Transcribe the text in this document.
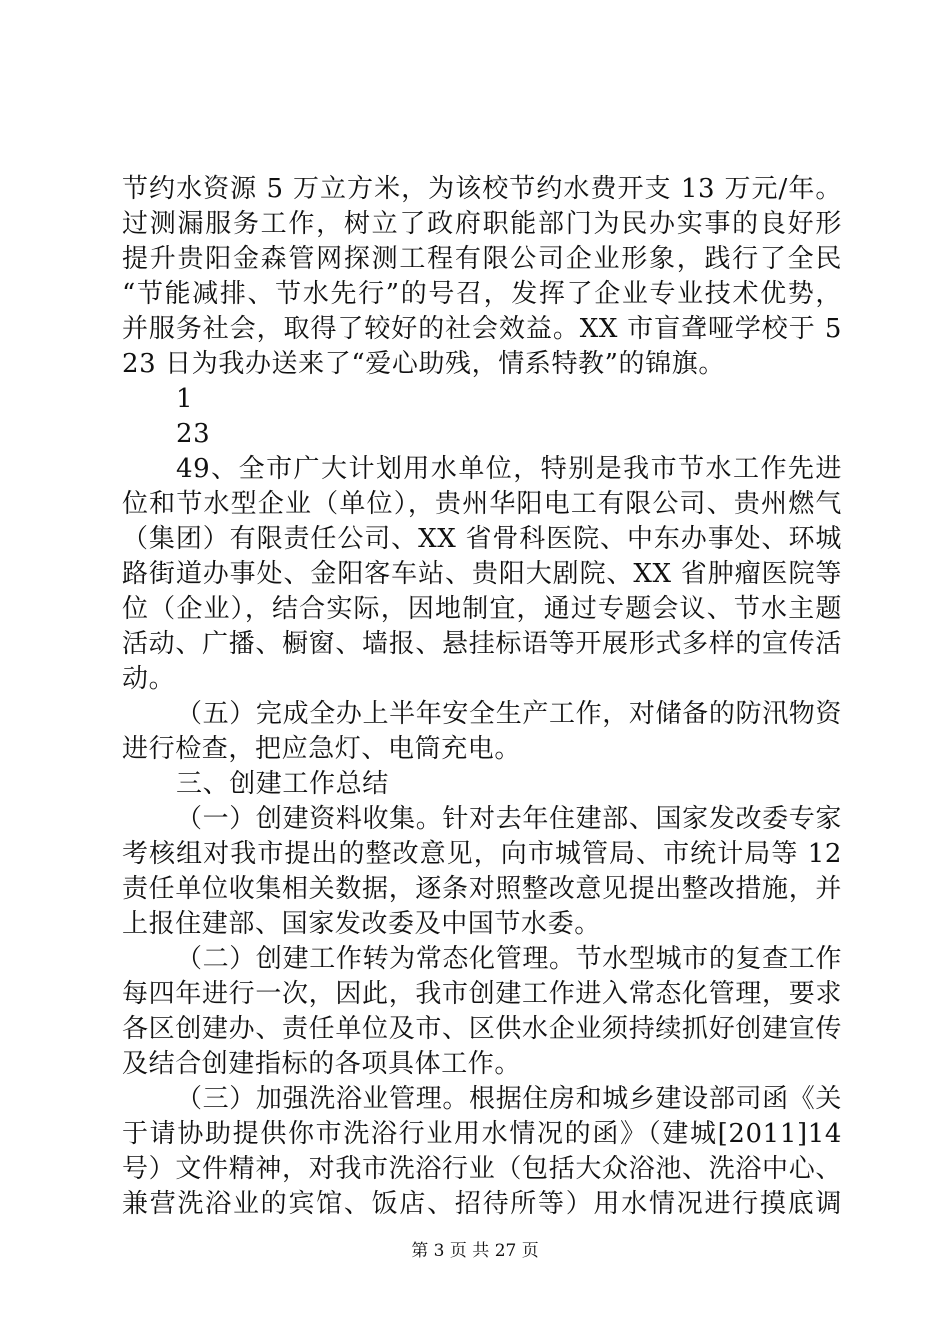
节约水资源 5 万立方米，为该校节约水费开支 13 万元/年。
过测漏服务工作，树立了政府职能部门为民办实事的良好形
提升贵阳金森管网探测工程有限公司企业形象，践行了全民
“节能减排、节水先行”的号召，发挥了企业专业技术优势，
并服务社会，取得了较好的社会效益。XX 市盲聋哑学校于 5
23 日为我办送来了“爱心助残，情系特教”的锦旗。
1
23
49、全市广大计划用水单位，特别是我市节水工作先进
位和节水型企业（单位），贵州华阳电工有限公司、贵州燃气
（集团）有限责任公司、XX 省骨科医院、中东办事处、环城
路街道办事处、金阳客车站、贵阳大剧院、XX 省肿瘤医院等
位（企业），结合实际，因地制宜，通过专题会议、节水主题
活动、广播、橱窗、墙报、悬挂标语等开展形式多样的宣传活
动。
（五）完成全办上半年安全生产工作，对储备的防汛物资
进行检查，把应急灯、电筒充电。
三、创建工作总结
（一）创建资料收集。针对去年住建部、国家发改委专家
考核组对我市提出的整改意见，向市城管局、市统计局等 12
责任单位收集相关数据，逐条对照整改意见提出整改措施，并
上报住建部、国家发改委及中国节水委。
（二）创建工作转为常态化管理。节水型城市的复查工作
每四年进行一次，因此，我市创建工作进入常态化管理，要求
各区创建办、责任单位及市、区供水企业须持续抓好创建宣传
及结合创建指标的各项具体工作。
（三）加强洗浴业管理。根据住房和城乡建设部司函《关
于请协助提供你市洗浴行业用水情况的函》（建城[2011]14
号）文件精神，对我市洗浴行业（包括大众浴池、洗浴中心、
兼营洗浴业的宾馆、饭店、招待所等）用水情况进行摸底调
第 3 页 共 27 页
